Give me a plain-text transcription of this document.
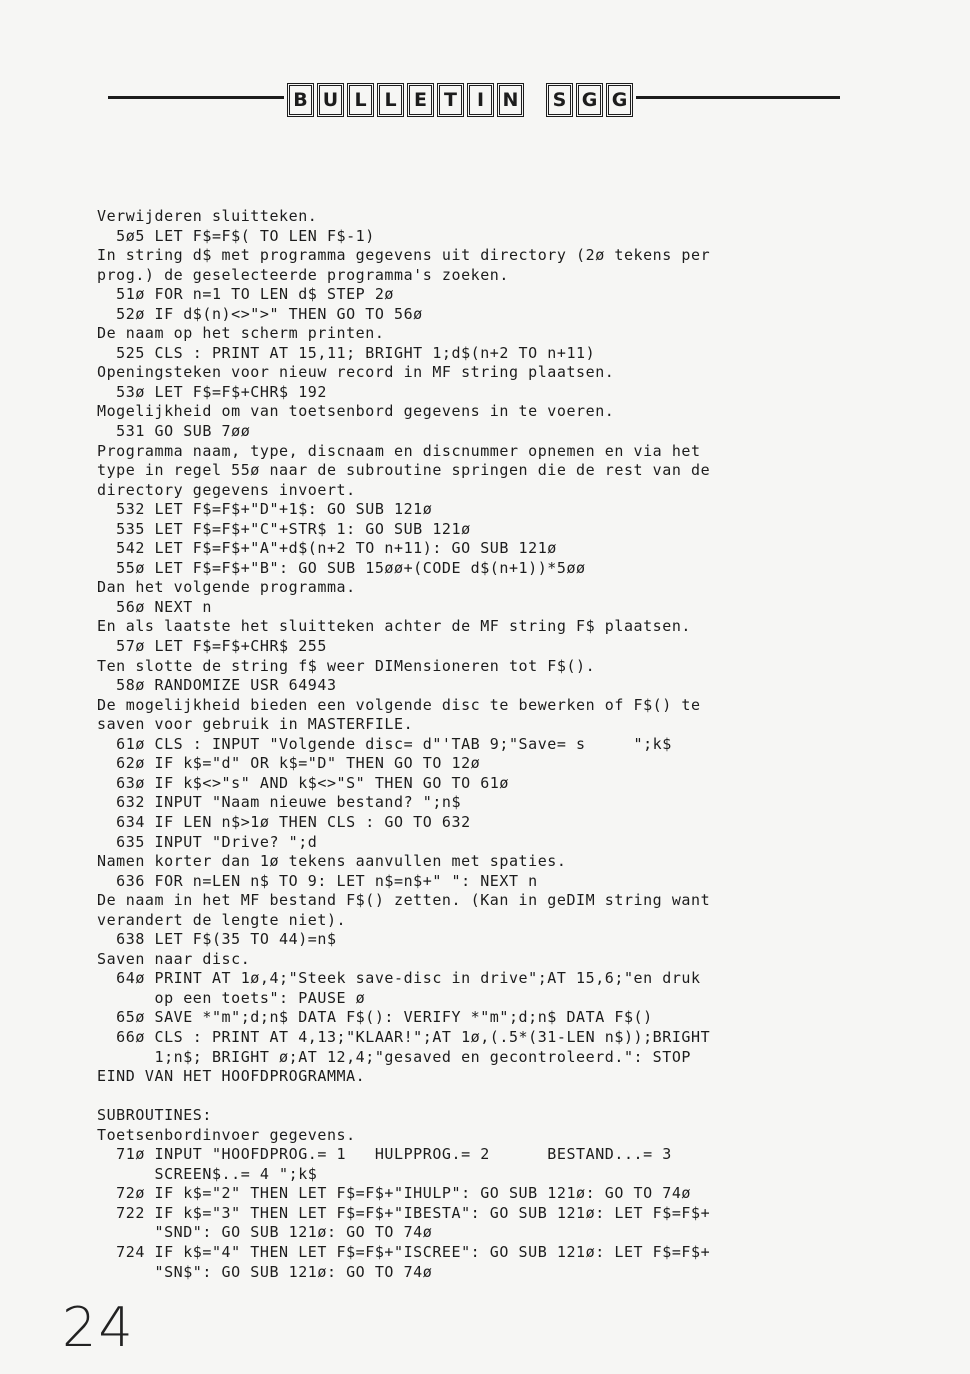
B U L L E T	I N	S G G
Verwijderen sluitteken.
5ø5 LET F$=F$( TO LEN F$-1)
In string d$ met programma gegevens uit directory (2ø tekens per
prog.) de geselecteerde programma's zoeken.
51ø FOR n=1 TO LEN d$ STEP 2ø
52ø IF d$(n)<>">" THEN GO TO 56ø
De naam op het scherm printen.
525 CLS : PRINT AT 15,11; BRIGHT 1;d$(n+2 TO n+11)
Openingsteken voor nieuw record in MF string plaatsen.
53ø LET F$=F$+CHR$ 192
Mogelijkheid om van toetsenbord gegevens in te voeren.
531 GO SUB 7øø
Programma naam, type, discnaam en discnummer opnemen en via het
type in regel 55ø naar de subroutine springen die de rest van de
directory gegevens invoert.
532 LET F$=F$+"D"+1$: GO SUB 121ø
535 LET F$=F$+"C"+STR$ 1: GO SUB 121ø
542 LET F$=F$+"A"+d$(n+2 TO n+11): GO SUB 121ø
55ø LET F$=F$+"B": GO SUB 15øø+(CODE d$(n+1))*5øø
Dan het volgende programma.
56ø NEXT n
En als laatste het sluitteken achter de MF string F$ plaatsen.
57ø LET F$=F$+CHR$ 255
Ten slotte de string f$ weer DIMensioneren tot F$().
58ø RANDOMIZE USR 64943
De mogelijkheid bieden een volgende disc te bewerken of F$() te
saven voor gebruik in MASTERFILE.
61ø CLS : INPUT "Volgende disc= d"'TAB 9;"Save= s     ";k$
62ø IF k$="d" OR k$="D" THEN GO TO 12ø
63ø IF k$<>"s" AND k$<>"S" THEN GO TO 61ø
632 INPUT "Naam nieuwe bestand? ";n$
634 IF LEN n$>1ø THEN CLS : GO TO 632
635 INPUT "Drive? ";d
Namen korter dan 1ø tekens aanvullen met spaties.
636 FOR n=LEN n$ TO 9: LET n$=n$+" ": NEXT n
De naam in het MF bestand F$() zetten. (Kan in geDIM string want
verandert de lengte niet).
638 LET F$(35 TO 44)=n$
Saven naar disc.
64ø PRINT AT 1ø,4;"Steek save-disc in drive";AT 15,6;"en druk
op een toets": PAUSE ø
65ø SAVE *"m";d;n$ DATA F$(): VERIFY *"m";d;n$ DATA F$()
66ø CLS : PRINT AT 4,13;"KLAAR!";AT 1ø,(.5*(31-LEN n$));BRIGHT
1;n$; BRIGHT ø;AT 12,4;"gesaved en gecontroleerd.": STOP
EIND VAN HET HOOFDPROGRAMMA.
SUBROUTINES:
Toetsenbordinvoer gegevens.
71ø INPUT "HOOFDPROG.= 1   HULPPROG.= 2      BESTAND...= 3
SCREEN$..= 4 ";k$
72ø IF k$="2" THEN LET F$=F$+"IHULP": GO SUB 121ø: GO TO 74ø
722 IF k$="3" THEN LET F$=F$+"IBESTA": GO SUB 121ø: LET F$=F$+
"SND": GO SUB 121ø: GO TO 74ø
724 IF k$="4" THEN LET F$=F$+"ISCREE": GO SUB 121ø: LET F$=F$+
"SN$": GO SUB 121ø: GO TO 74ø
24
